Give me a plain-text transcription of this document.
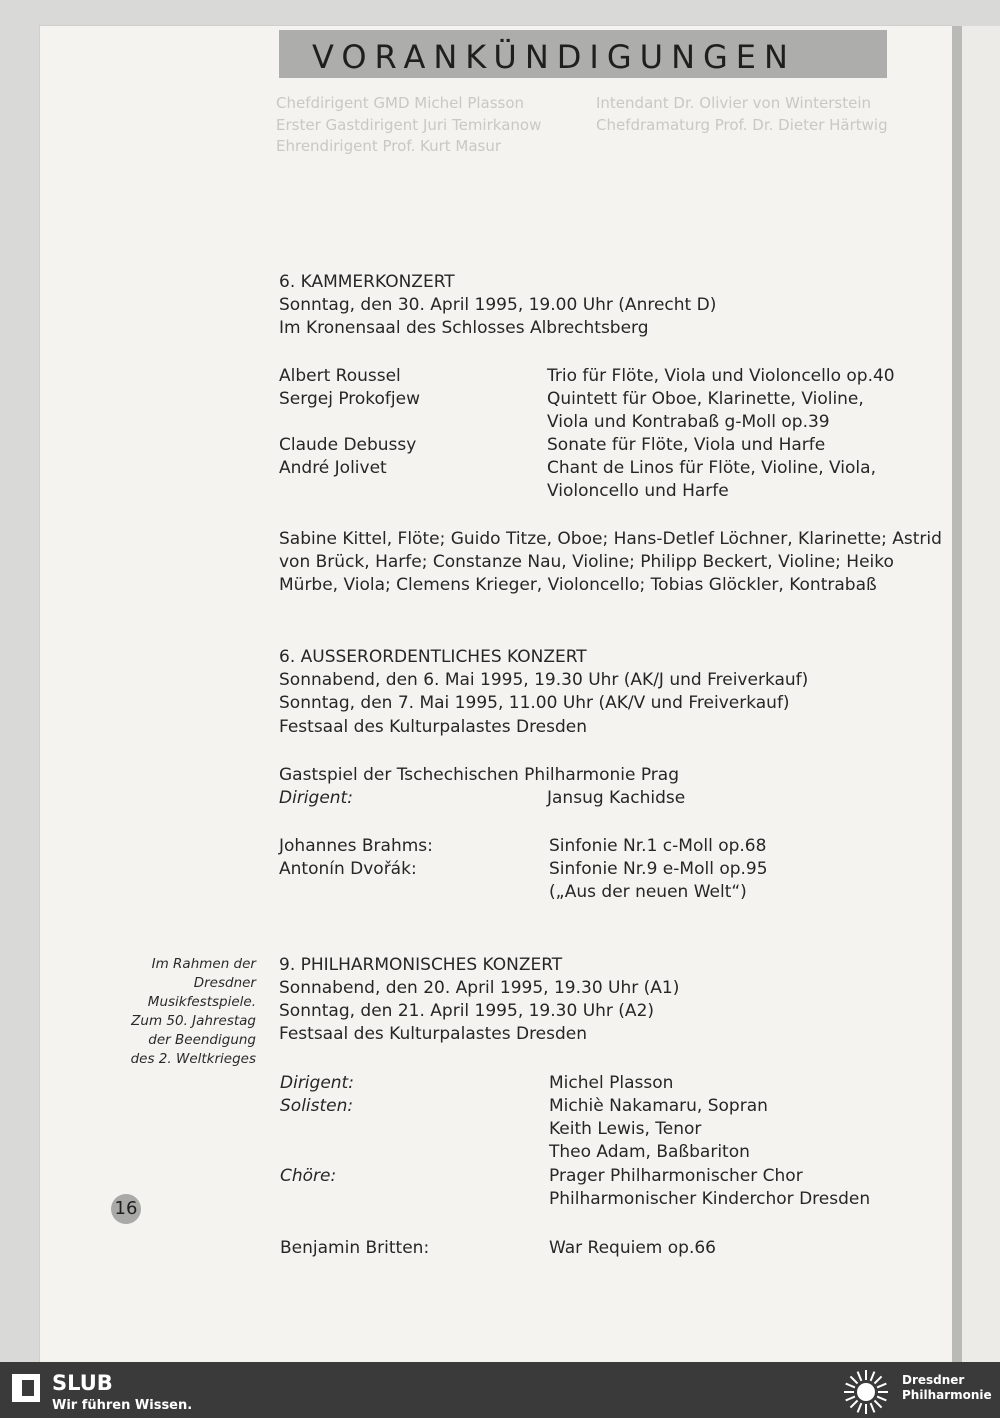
Chefdirigent GMD Michel Plasson
Erster Gastdirigent Juri Temirkanow
Ehrendirigent Prof. Kurt Masur
Intendant Dr. Olivier von Winterstein
Chefdramaturg Prof. Dr. Dieter Härtwig
VORANKÜNDIGUNGEN
6. KAMMERKONZERT
Sonntag, den 30. April 1995, 19.00 Uhr (Anrecht D)
Im Kronensaal des Schlosses Albrechtsberg
Albert Roussel	Trio für Flöte, Viola und Violoncello op.40
Sergej Prokofjew	Quintett für Oboe, Klarinette, Violine,
Viola und Kontrabaß g-Moll op.39
Claude Debussy	Sonate für Flöte, Viola und Harfe
André Jolivet	Chant de Linos für Flöte, Violine, Viola,
Violoncello und Harfe
Sabine Kittel, Flöte; Guido Titze, Oboe; Hans-Detlef Löchner, Klarinette; Astrid
von Brück, Harfe; Constanze Nau, Violine; Philipp Beckert, Violine; Heiko
Mürbe, Viola; Clemens Krieger, Violoncello; Tobias Glöckler, Kontrabaß
6. AUSSERORDENTLICHES KONZERT
Sonnabend, den 6. Mai 1995, 19.30 Uhr (AK/J und Freiverkauf)
Sonntag, den 7. Mai 1995, 11.00 Uhr (AK/V und Freiverkauf)
Festsaal des Kulturpalastes Dresden
Gastspiel der Tschechischen Philharmonie Prag
Dirigent:	Jansug Kachidse
Johannes Brahms:	Sinfonie Nr.1 c-Moll op.68
Antonín Dvořák:	Sinfonie Nr.9 e-Moll op.95
(„Aus der neuen Welt“)
Im Rahmen der
Dresdner
Musikfestspiele.
Zum 50. Jahrestag
der Beendigung
des 2. Weltkrieges
9. PHILHARMONISCHES KONZERT
Sonnabend, den 20. April 1995, 19.30 Uhr (A1)
Sonntag, den 21. April 1995, 19.30 Uhr (A2)
Festsaal des Kulturpalastes Dresden
Dirigent:	Michel Plasson
Solisten:	Michiè Nakamaru, Sopran
Keith Lewis, Tenor
Theo Adam, Baßbariton
Chöre:	Prager Philharmonischer Chor
Philharmonischer Kinderchor Dresden
Benjamin Britten:	War Requiem op.66
16
SLUB
Wir führen Wissen.
Dresdner
Philharmonie
